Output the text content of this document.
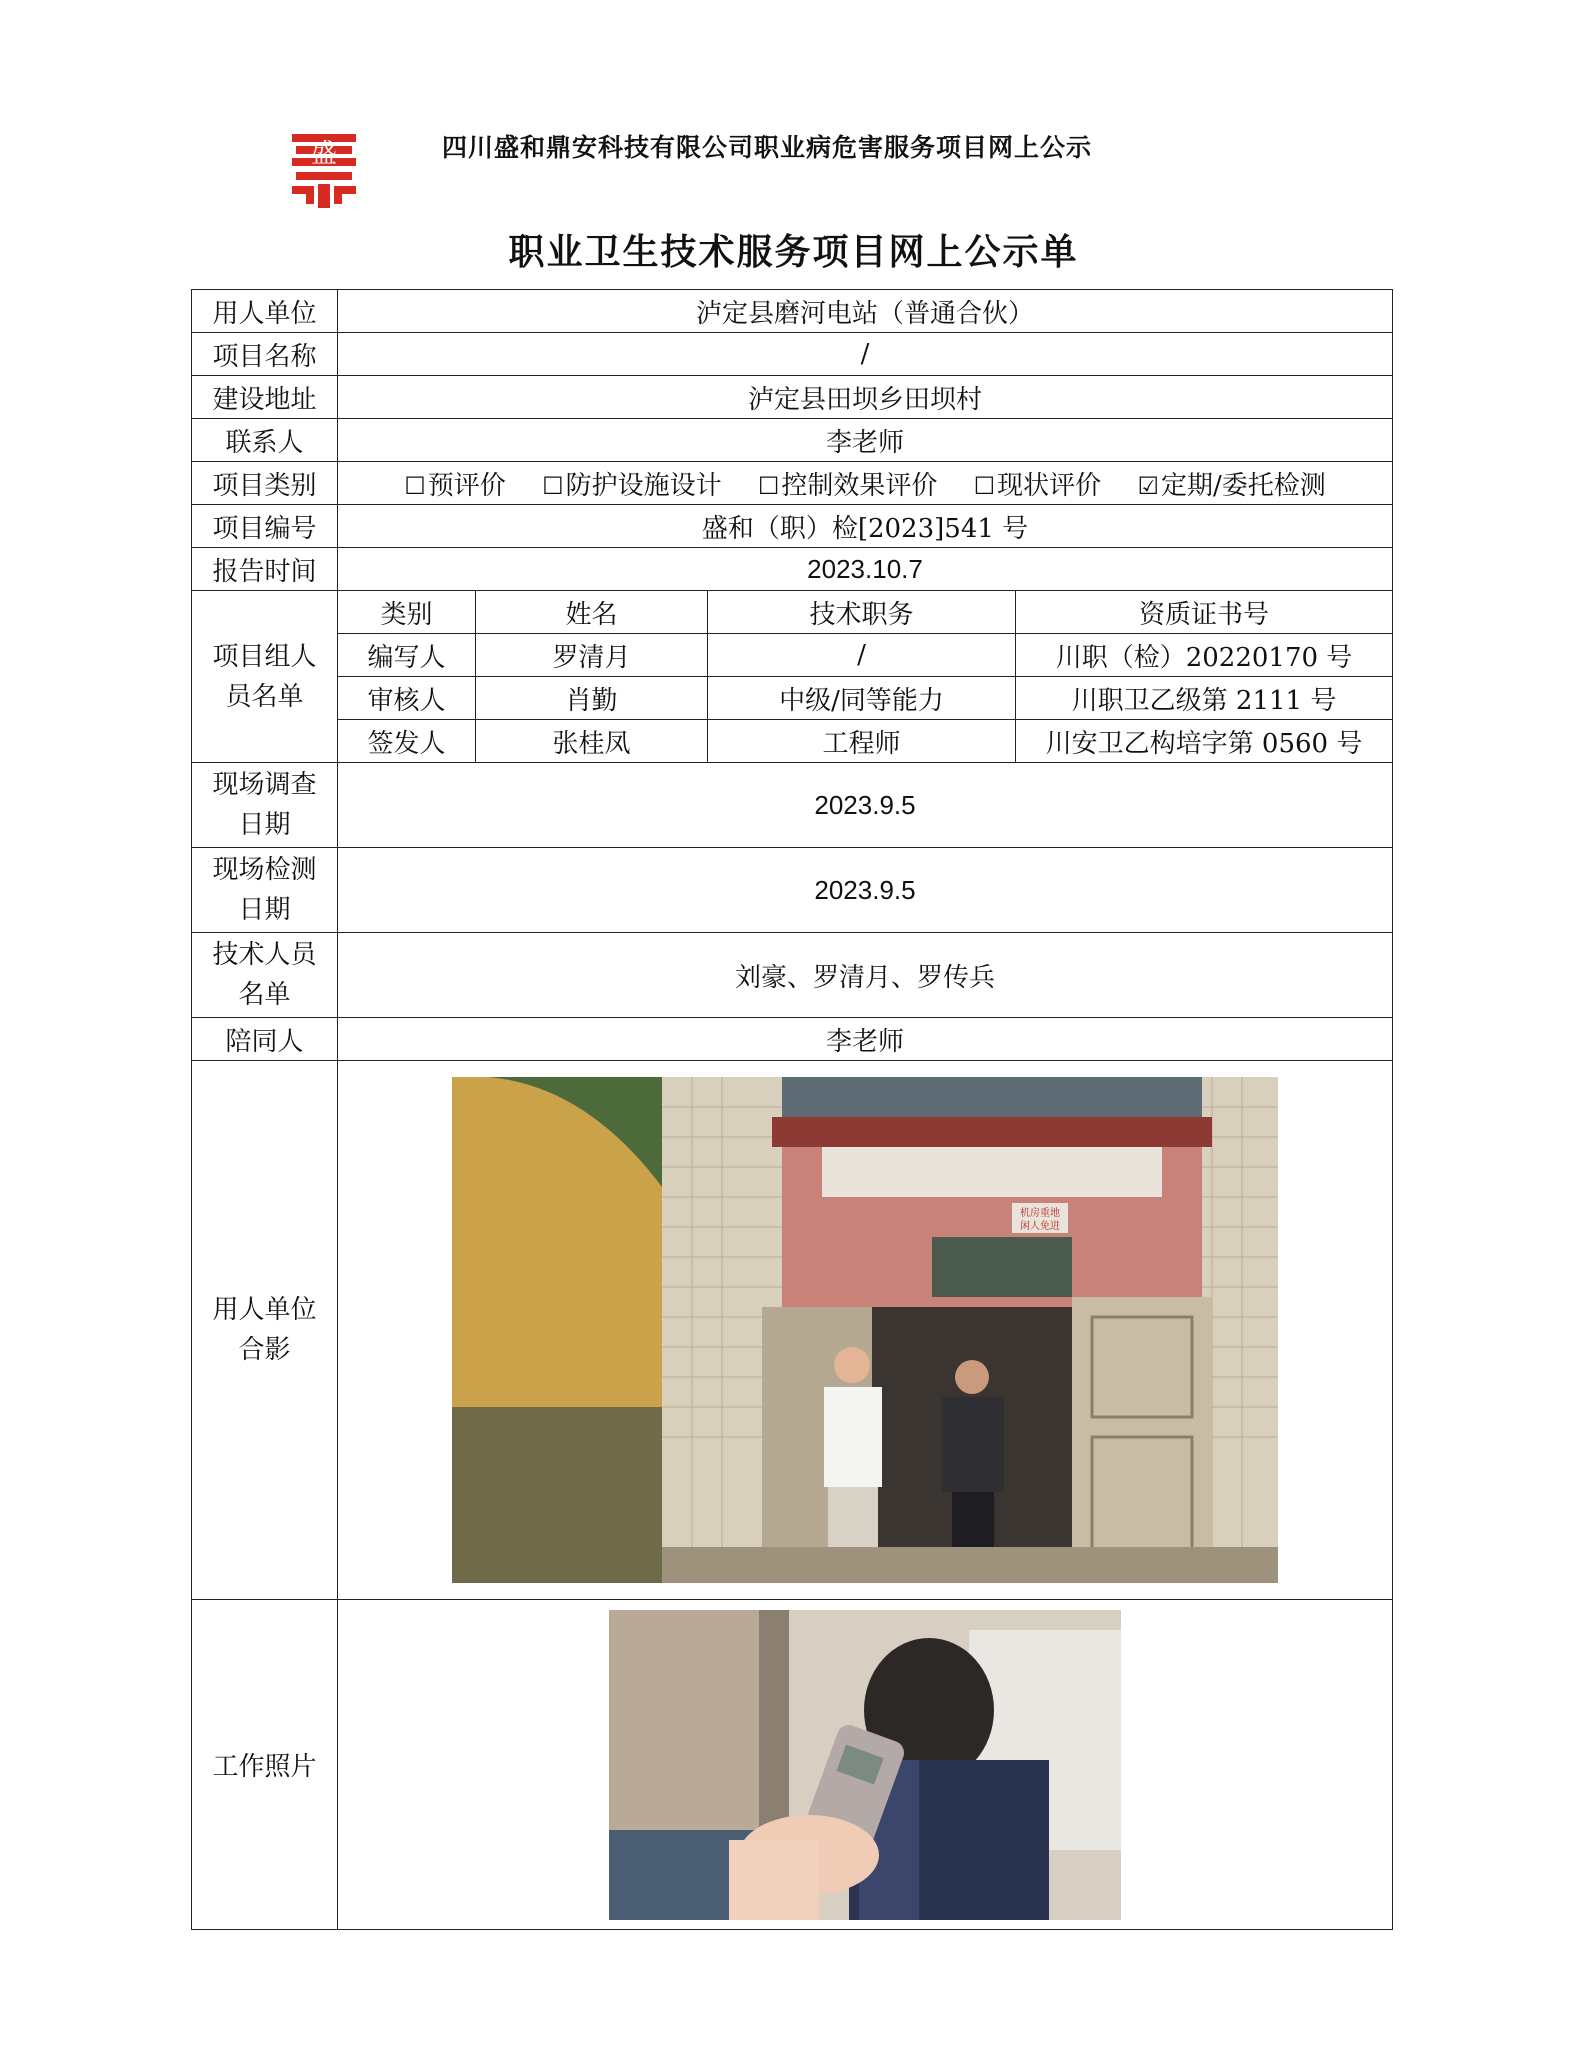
盛	四川盛和鼎安科技有限公司职业病危害服务项目网上公示
职业卫生技术服务项目网上公示单
用人单位	泸定县磨河电站（普通合伙）			
项目名称	/			
建设地址	泸定县田坝乡田坝村			
联系人	李老师			
项目类别	☐预评价 ☐防护设施设计 ☐控制效果评价 ☐现状评价 ☑定期/委托检测			
项目编号	盛和（职）检[2023]541 号			
报告时间	2023.10.7			
项目组人
员名单	类别	姓名	技术职务	资质证书号
	编写人	罗清月	/	川职（检）20220170 号
	审核人	肖勤	中级/同等能力	川职卫乙级第 2111 号
	签发人	张桂凤	工程师	川安卫乙构培字第 0560 号
现场调查
日期	2023.9.5			
现场检测
日期	2023.9.5			
技术人员
名单	刘豪、罗清月、罗传兵			
陪同人	李老师			
用人单位
合影	机房重地
闲人免进			

工作照片	
